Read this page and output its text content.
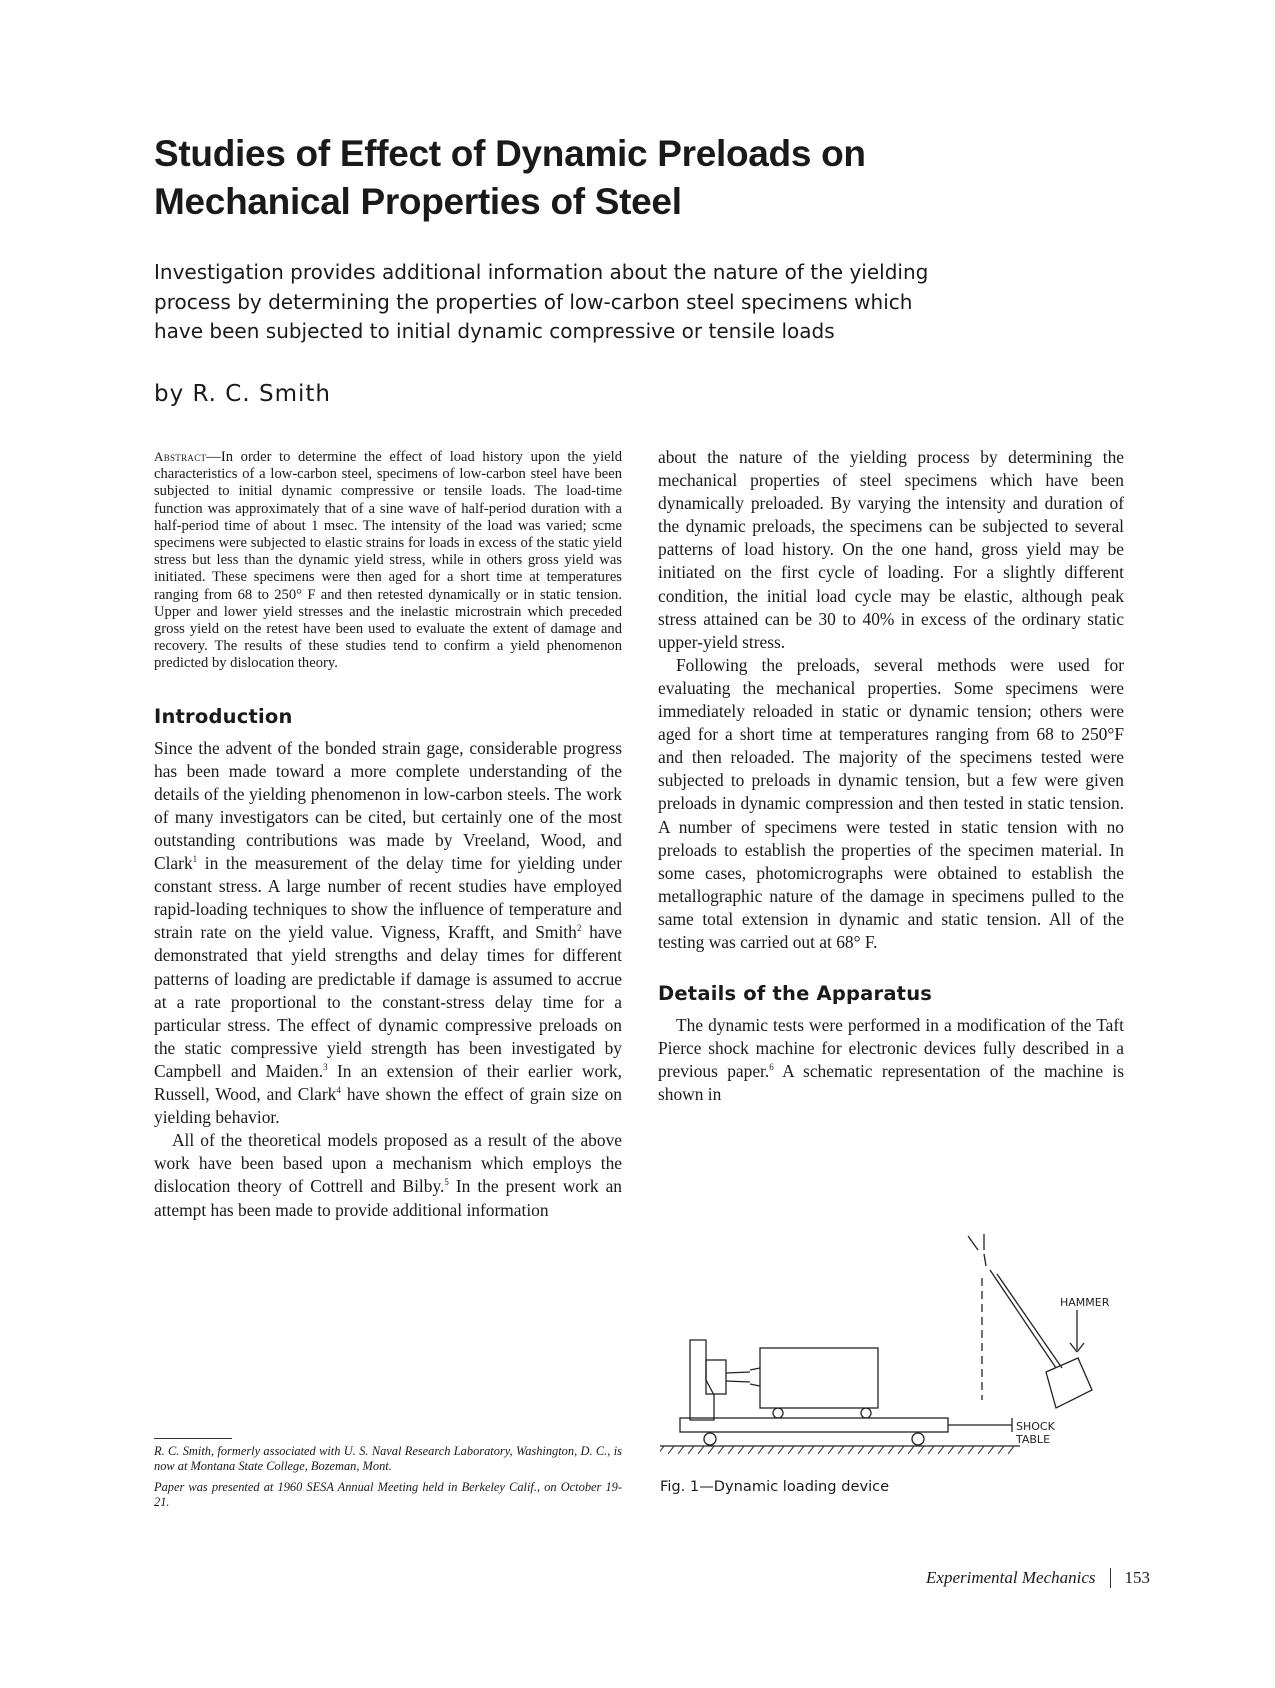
Studies of Effect of Dynamic Preloads on
Mechanical Properties of Steel

Investigation provides additional information about the nature of the yielding process by determining the properties of low-carbon steel specimens which have been subjected to initial dynamic compressive or tensile loads

by R. C. Smith

Abstract—In order to determine the effect of load history upon the yield characteristics of a low-carbon steel, specimens of low-carbon steel have been subjected to initial dynamic compressive or tensile loads. The load-time function was approximately that of a sine wave of half-period duration with a half-period time of about 1 msec. The intensity of the load was varied; scme specimens were subjected to elastic strains for loads in excess of the static yield stress but less than the dynamic yield stress, while in others gross yield was initiated. These specimens were then aged for a short time at temperatures ranging from 68 to 250° F and then retested dynamically or in static tension. Upper and lower yield stresses and the inelastic microstrain which preceded gross yield on the retest have been used to evaluate the extent of damage and recovery. The results of these studies tend to confirm a yield phenomenon predicted by dislocation theory.

Introduction

Since the advent of the bonded strain gage, considerable progress has been made toward a more complete understanding of the details of the yielding phenomenon in low-carbon steels. The work of many investigators can be cited, but certainly one of the most outstanding contributions was made by Vreeland, Wood, and Clark$^1$ in the measurement of the delay time for yielding under constant stress. A large number of recent studies have employed rapid-loading techniques to show the influence of temperature and strain rate on the yield value. Vigness, Krafft, and Smith$^2$ have demonstrated that yield strengths and delay times for different patterns of loading are predictable if damage is assumed to accrue at a rate proportional to the constant-stress delay time for a particular stress. The effect of dynamic compressive preloads on the static compressive yield strength has been investigated by Campbell and Maiden.$^3$ In an extension of their earlier work, Russell, Wood, and Clark$^4$ have shown the effect of grain size on yielding behavior.

All of the theoretical models proposed as a result of the above work have been based upon a mechanism which employs the dislocation theory of Cottrell and Bilby.$^5$ In the present work an attempt has been made to provide additional information

R. C. Smith, formerly associated with U. S. Naval Research Laboratory, Washington, D. C., is now at Montana State College, Bozeman, Mont.

Paper was presented at 1960 SESA Annual Meeting held in Berkeley Calif., on October 19-21.

about the nature of the yielding process by determining the mechanical properties of steel specimens which have been dynamically preloaded. By varying the intensity and duration of the dynamic preloads, the specimens can be subjected to several patterns of load history. On the one hand, gross yield may be initiated on the first cycle of loading. For a slightly different condition, the initial load cycle may be elastic, although peak stress attained can be 30 to 40% in excess of the ordinary static upper-yield stress.

Following the preloads, several methods were used for evaluating the mechanical properties. Some specimens were immediately reloaded in static or dynamic tension; others were aged for a short time at temperatures ranging from 68 to 250°F and then reloaded. The majority of the specimens tested were subjected to preloads in dynamic tension, but a few were given preloads in dynamic compression and then tested in static tension. A number of specimens were tested in static tension with no preloads to establish the properties of the specimen material. In some cases, photomicrographs were obtained to establish the metallographic nature of the damage in specimens pulled to the same total extension in dynamic and static tension. All of the testing was carried out at 68° F.

Details of the Apparatus

The dynamic tests were performed in a modification of the Taft Pierce shock machine for electronic devices fully described in a previous paper.$^6$ A schematic representation of the machine is shown in

HAMMER
SHOCK
TABLE
Fig. 1—Dynamic loading device
Experimental Mechanics 153
